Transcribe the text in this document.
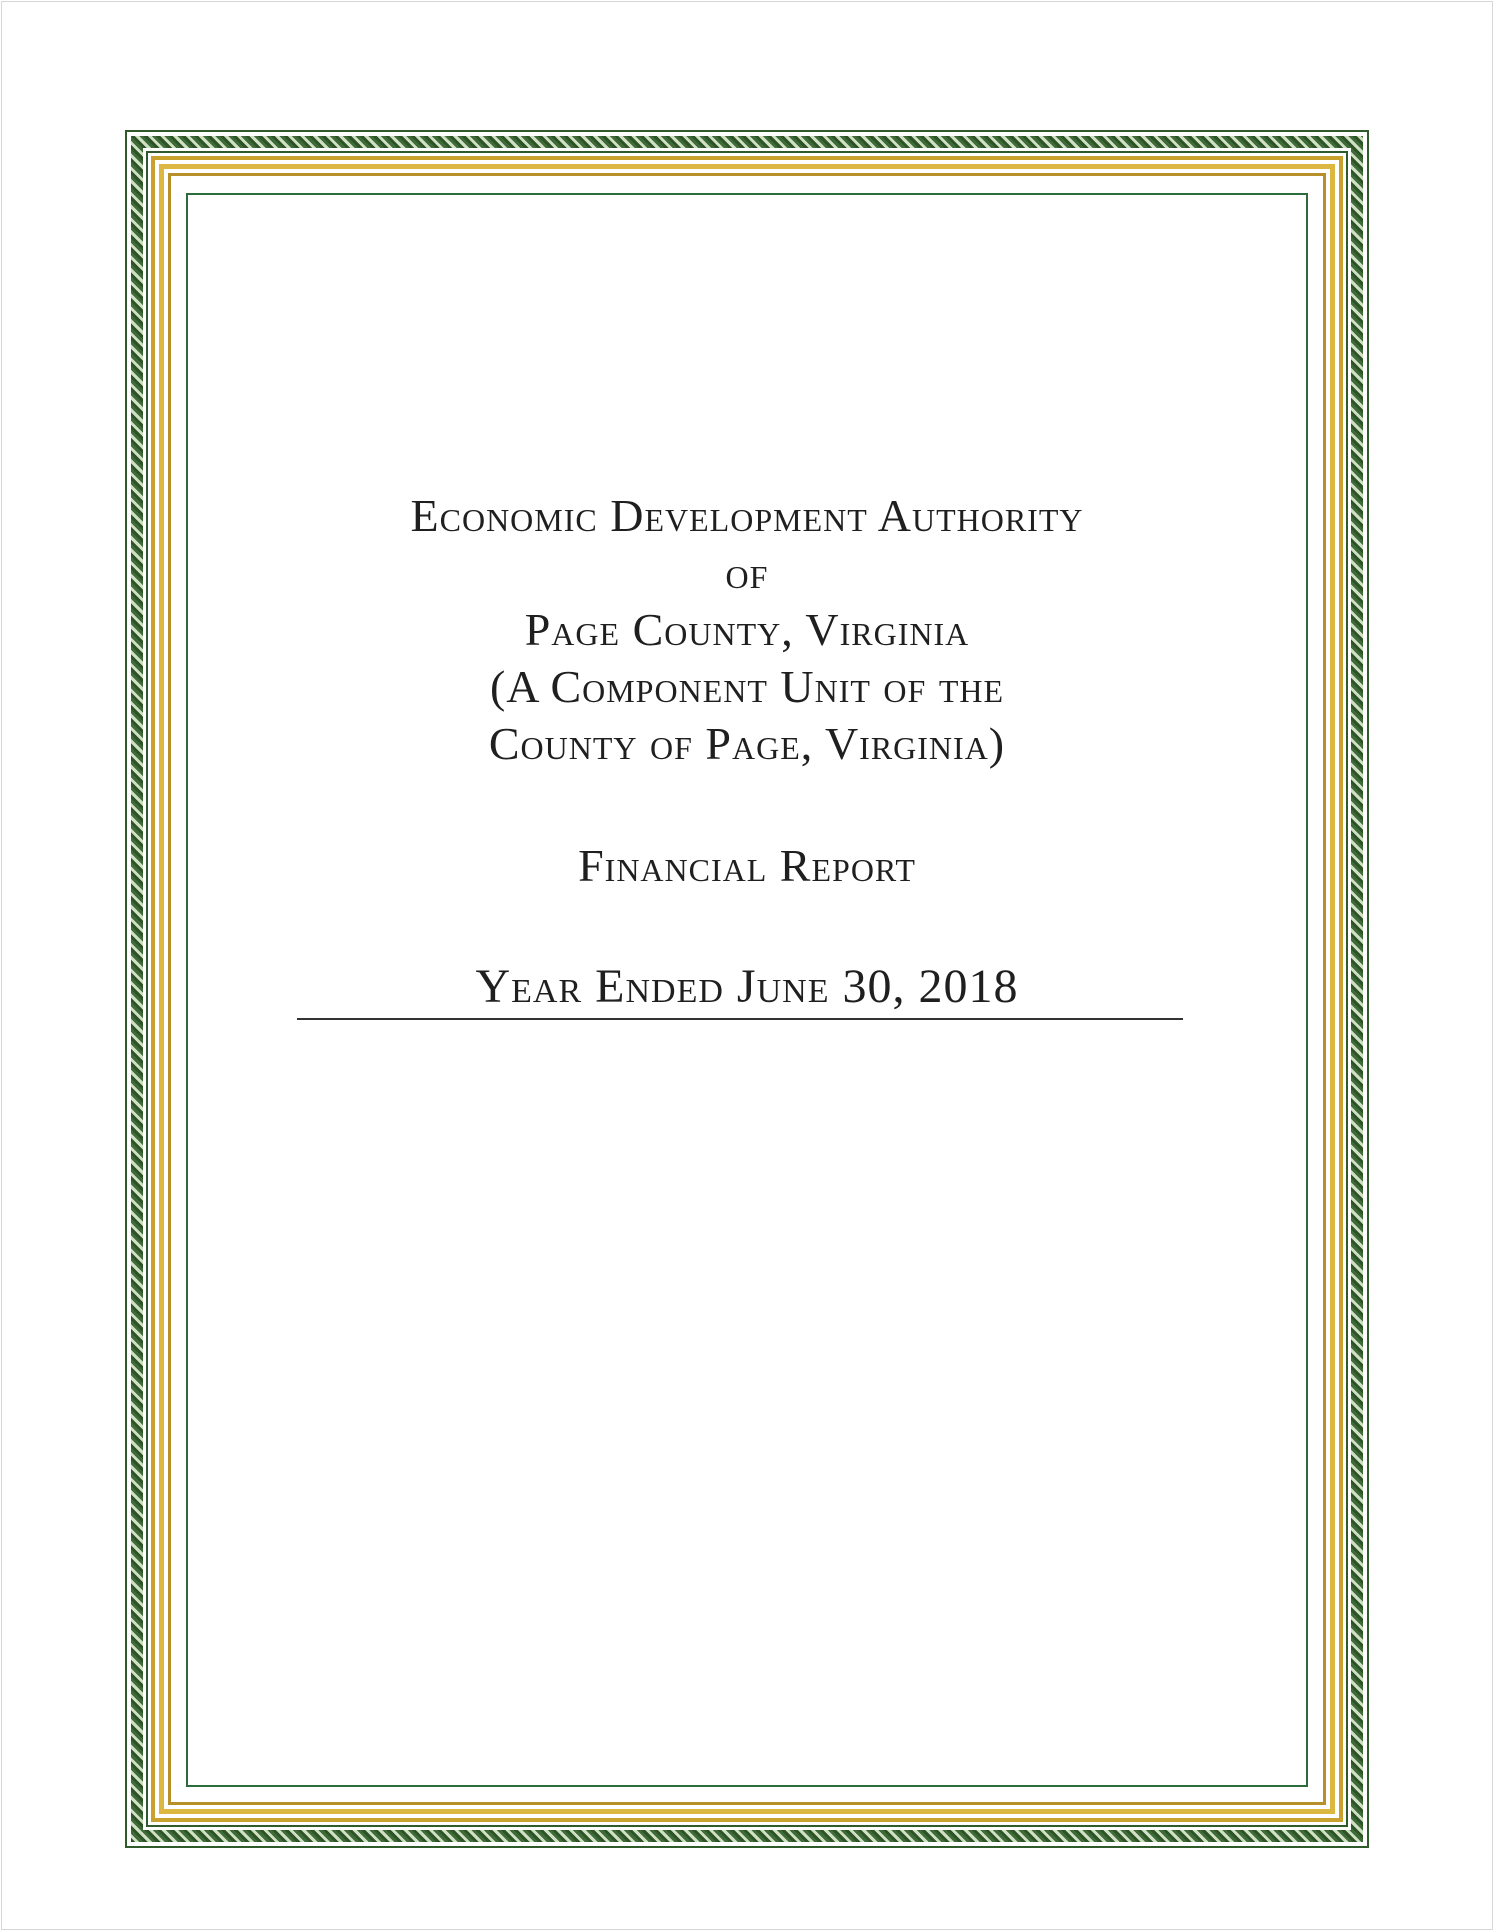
Economic Development Authority
of
Page County, Virginia
(A Component Unit of the
County of Page, Virginia)
Financial Report
Year Ended June 30, 2018
